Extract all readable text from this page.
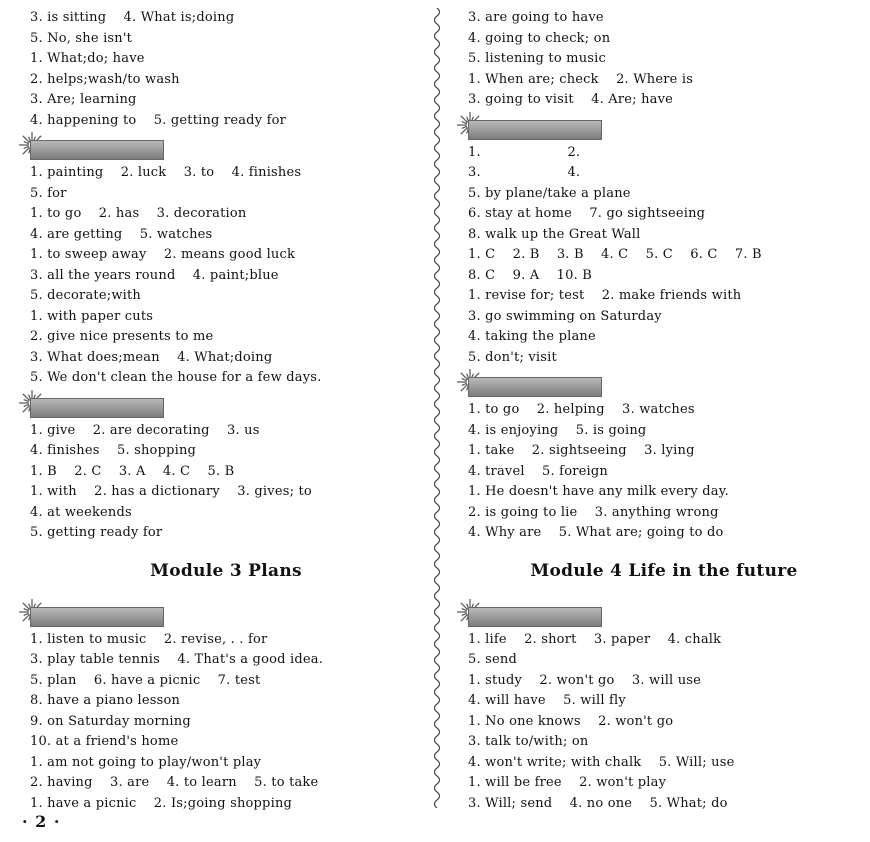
3. is sitting    4. What is;doing
5. No, she isn't
1. What;do; have
2. helps;wash/to wash
3. Are; learning
4. happening to    5. getting ready for
1. painting    2. luck    3. to    4. finishes
5. for
1. to go    2. has    3. decoration
4. are getting    5. watches
1. to sweep away    2. means good luck
3. all the years round    4. paint;blue
5. decorate;with
1. with paper cuts
2. give nice presents to me
3. What does;mean    4. What;doing
5. We don't clean the house for a few days.
1. give    2. are decorating    3. us
4. finishes    5. shopping
1. B    2. C    3. A    4. C    5. B
1. with    2. has a dictionary    3. gives; to
4. at weekends
5. getting ready for
Module 3 Plans
1. listen to music    2. revise, . . for
3. play table tennis    4. That's a good idea.
5. plan    6. have a picnic    7. test
8. have a piano lesson
9. on Saturday morning
10. at a friend's home
1. am not going to play/won't play
2. having    3. are    4. to learn    5. to take
1. have a picnic    2. Is;going shopping
3. are going to have
4. going to check; on
5. listening to music
1. When are; check    2. Where is
3. going to visit    4. Are; have
1.                    2.
3.                    4.
5. by plane/take a plane
6. stay at home    7. go sightseeing
8. walk up the Great Wall
1. C    2. B    3. B    4. C    5. C    6. C    7. B
8. C    9. A    10. B
1. revise for; test    2. make friends with
3. go swimming on Saturday
4. taking the plane
5. don't; visit
1. to go    2. helping    3. watches
4. is enjoying    5. is going
1. take    2. sightseeing    3. lying
4. travel    5. foreign
1. He doesn't have any milk every day.
2. is going to lie    3. anything wrong
4. Why are    5. What are; going to do
Module 4 Life in the future
1. life    2. short    3. paper    4. chalk
5. send
1. study    2. won't go    3. will use
4. will have    5. will fly
1. No one knows    2. won't go
3. talk to/with; on
4. won't write; with chalk    5. Will; use
1. will be free    2. won't play
3. Will; send    4. no one    5. What; do
· 2 ·
